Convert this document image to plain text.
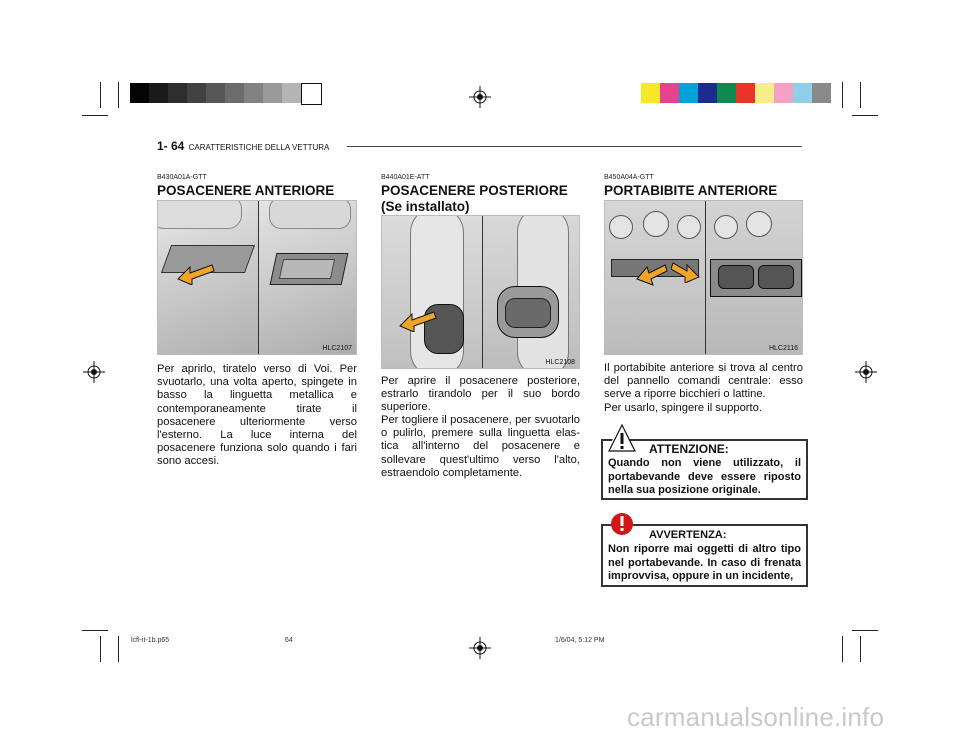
1- 64 CARATTERISTICHE DELLA VETTURA
B430A01A-GTT
POSACENERE ANTERIORE
HLC2107
Per aprirlo, tiratelo verso di Voi. Per svuotarlo, una volta aperto, spingete in basso la linguetta metallica e contemporaneamente tirate il posacenere ulteriormente verso l'esterno. La luce interna del posacenere funziona solo quando i fari sono accesi.
B440A01E-ATT
POSACENERE POSTERIORE
(Se installato)
HLC2108
Per aprire il posacenere posteriore, estrarlo tirandolo per il suo bordo superiore.
Per togliere il posacenere, per svuotarlo o pulirlo, premere sulla linguetta elas-tica all'interno del posacenere e sollevare quest'ultimo verso l'alto, estraendolo completamente.
B450A04A-GTT
PORTABIBITE ANTERIORE
HLC2116
Il portabibite anteriore si trova al centro del pannello comandi centrale: esso serve a riporre bicchieri o lattine.
Per usarlo, spingere il supporto.
ATTENZIONE:
Quando non viene utilizzato, il portabevande deve essere riposto nella sua posizione originale.
AVVERTENZA:
Non riporre mai oggetti di altro tipo nel portabevande. In caso di frenata improvvisa, oppure in un incidente,
lcfl-it-1b.p65	64	1/6/04, 5:12 PM
carmanualsonline.info
